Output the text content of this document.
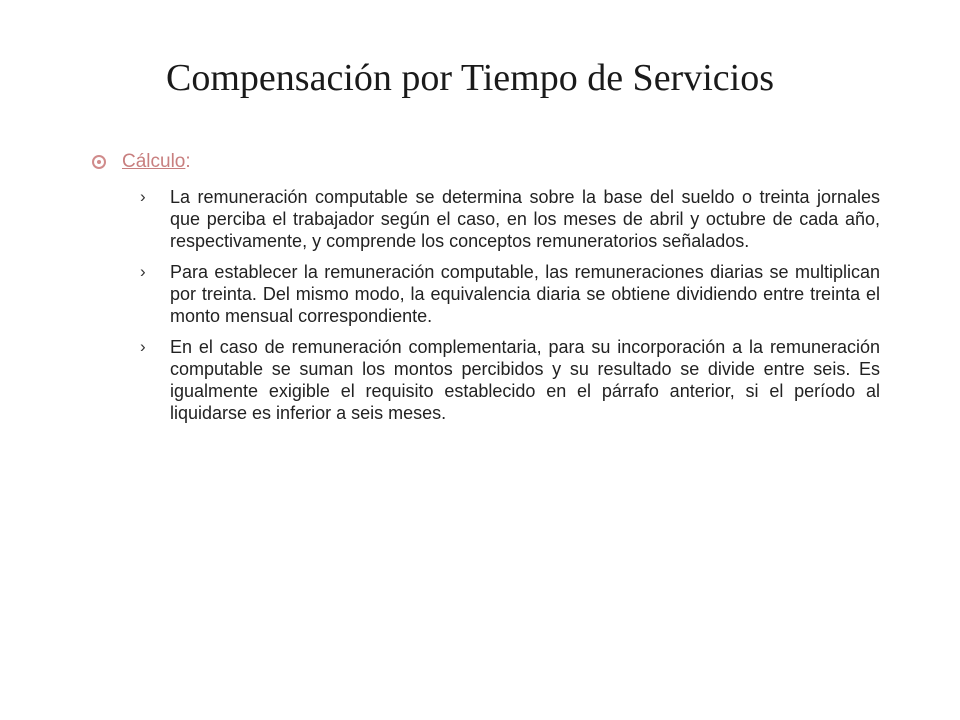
Compensación por Tiempo de Servicios
Cálculo :
› La remuneración computable se determina sobre la base del sueldo o treinta jornales que perciba el trabajador según el caso, en los meses de abril y octubre de cada año, respectivamente, y comprende los conceptos remuneratorios señalados.
› Para establecer la remuneración computable, las remuneraciones diarias se multiplican por treinta. Del mismo modo, la equivalencia diaria se obtiene dividiendo entre treinta el monto mensual correspondiente.
› En el caso de remuneración complementaria, para su incorporación a la remuneración computable se suman los montos percibidos y su resultado se divide entre seis. Es igualmente exigible el requisito establecido en el párrafo anterior, si el período al liquidarse es inferior a seis meses.
